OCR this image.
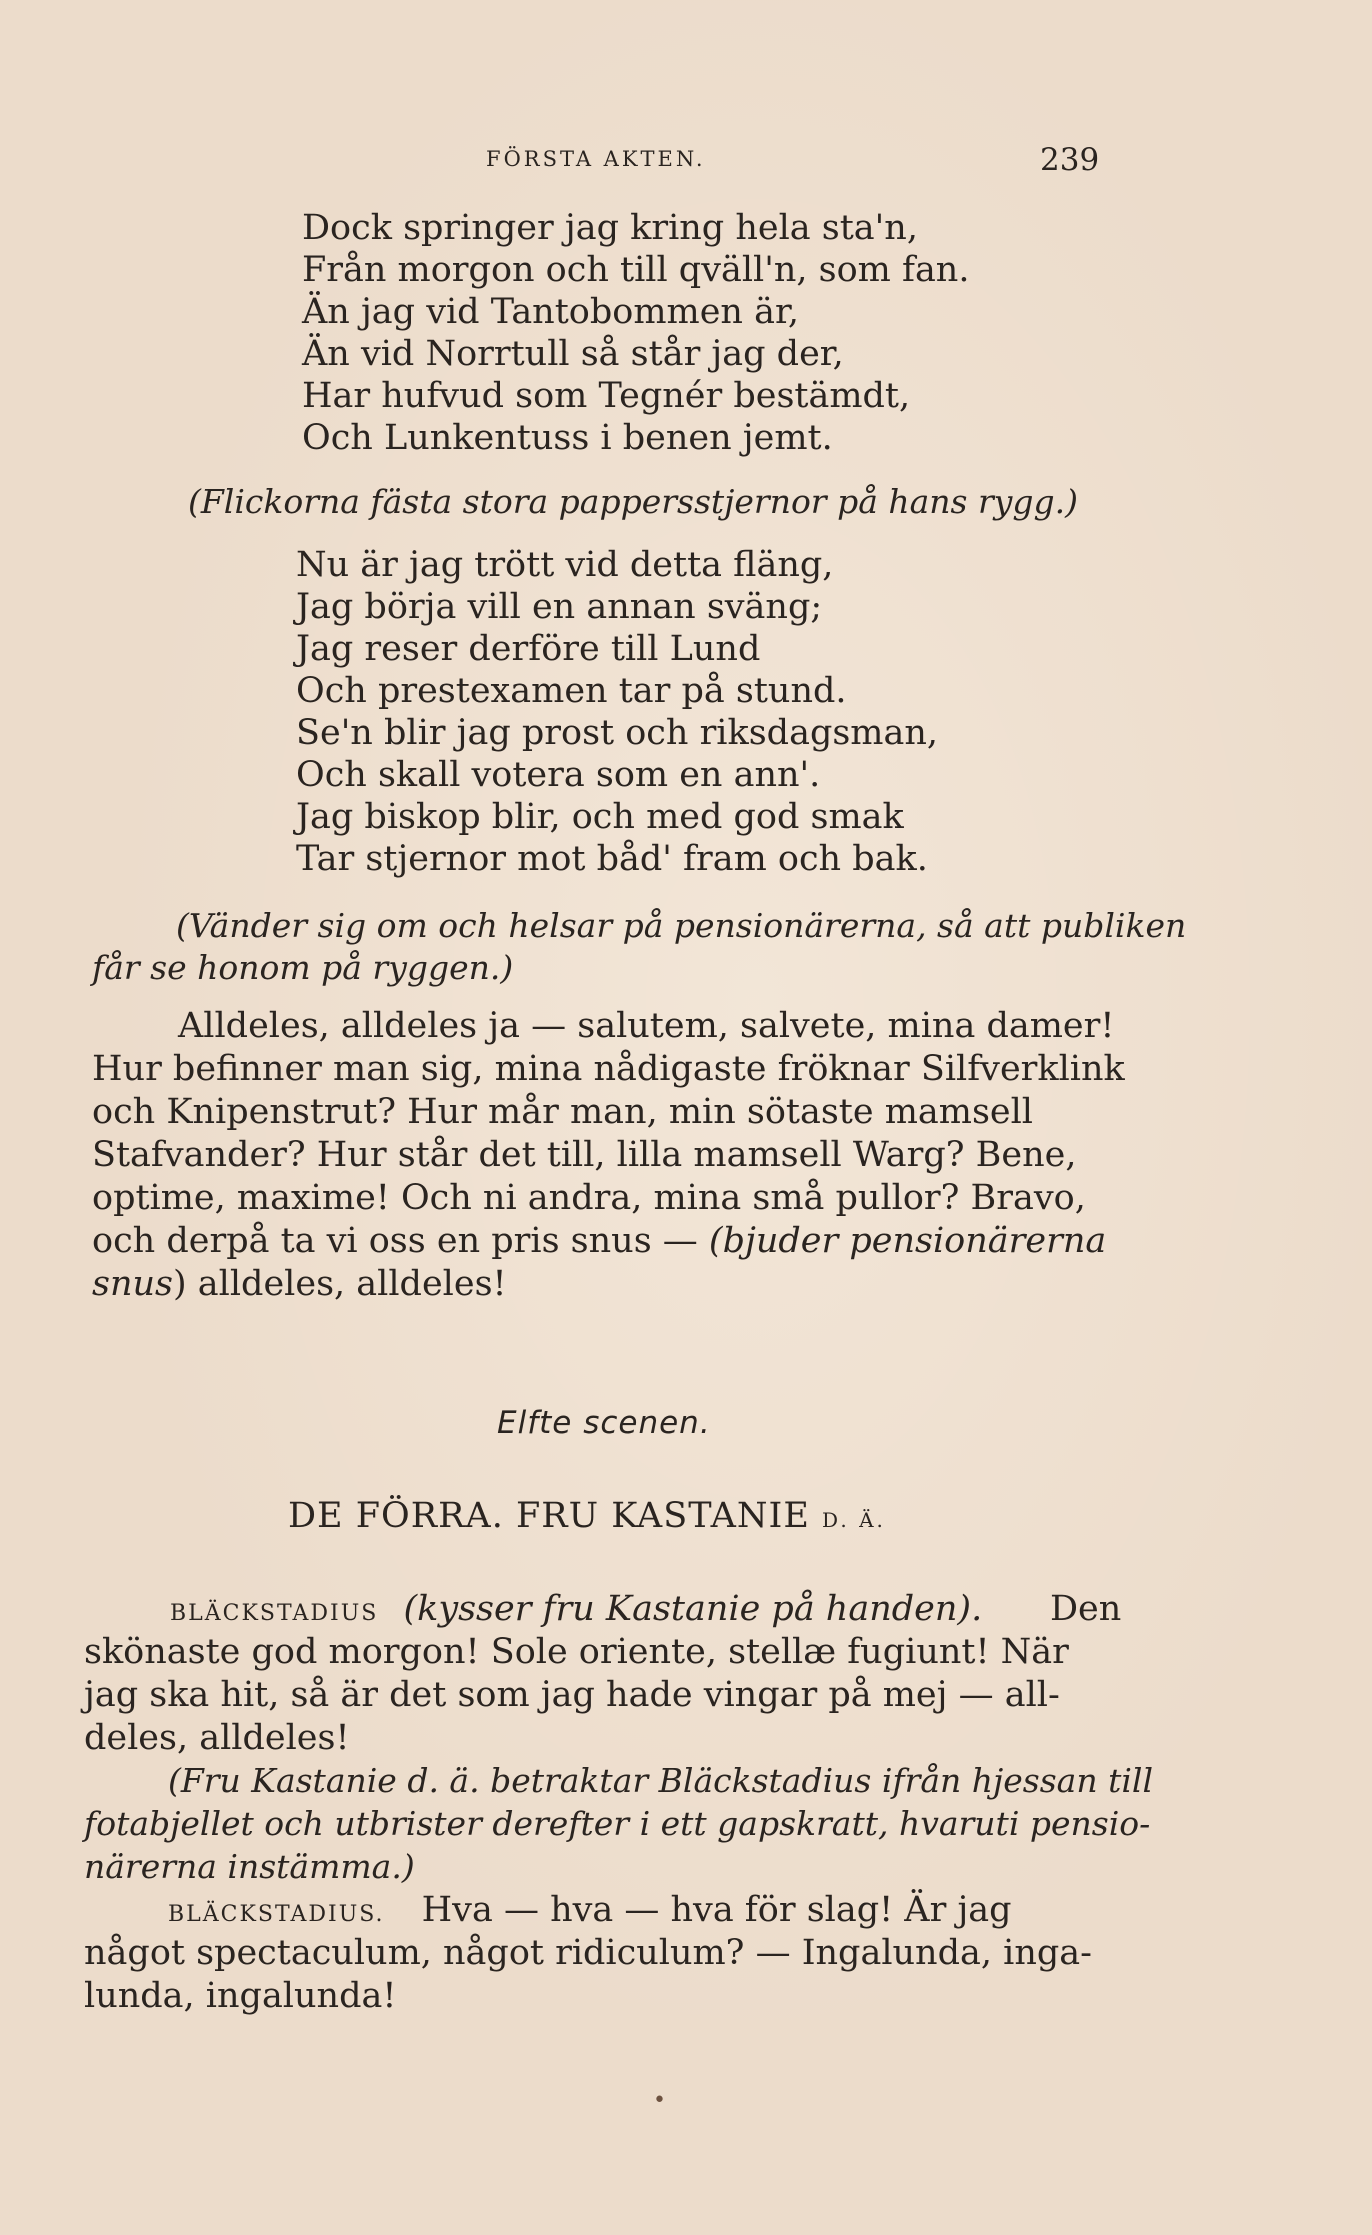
FÖRSTA AKTEN.	239
Dock springer jag kring hela sta'n,
Från morgon och till qväll'n, som fan.
Än jag vid Tantobommen är,
Än vid Norrtull så står jag der,
Har hufvud som Tegnér bestämdt,
Och Lunkentuss i benen jemt.
(Flickorna fästa stora pappersstjernor på hans rygg.)
Nu är jag trött vid detta fläng,
Jag börja vill en annan sväng;
Jag reser derföre till Lund
Och prestexamen tar på stund.
Se'n blir jag prost och riksdagsman,
Och skall votera som en ann'.
Jag biskop blir, och med god smak
Tar stjernor mot båd' fram och bak.
(Vänder sig om och helsar på pensionärerna, så att publiken
får se honom på ryggen.)
Alldeles, alldeles ja — salutem, salvete, mina damer!
Hur befinner man sig, mina nådigaste fröknar Silfverklink
och Knipenstrut? Hur mår man, min sötaste mamsell
Stafvander? Hur står det till, lilla mamsell Warg? Bene,
optime, maxime! Och ni andra, mina små pullor? Bravo,
och derpå ta vi oss en pris snus — (bjuder pensionärerna
snus) alldeles, alldeles!
Elfte scenen.
DE FÖRRA. FRU KASTANIE D. Ä.
BLÄCKSTADIUS (kysser fru Kastanie på handen). Den
skönaste god morgon! Sole oriente, stellæ fugiunt! När
jag ska hit, så är det som jag hade vingar på mej — all-
deles, alldeles!
(Fru Kastanie d. ä. betraktar Bläckstadius ifrån hjessan till
fotabjellet och utbrister derefter i ett gapskratt, hvaruti pensio-
närerna instämma.)
BLÄCKSTADIUS. Hva — hva — hva för slag! Är jag
något spectaculum, något ridiculum? — Ingalunda, inga-
lunda, ingalunda!
•
